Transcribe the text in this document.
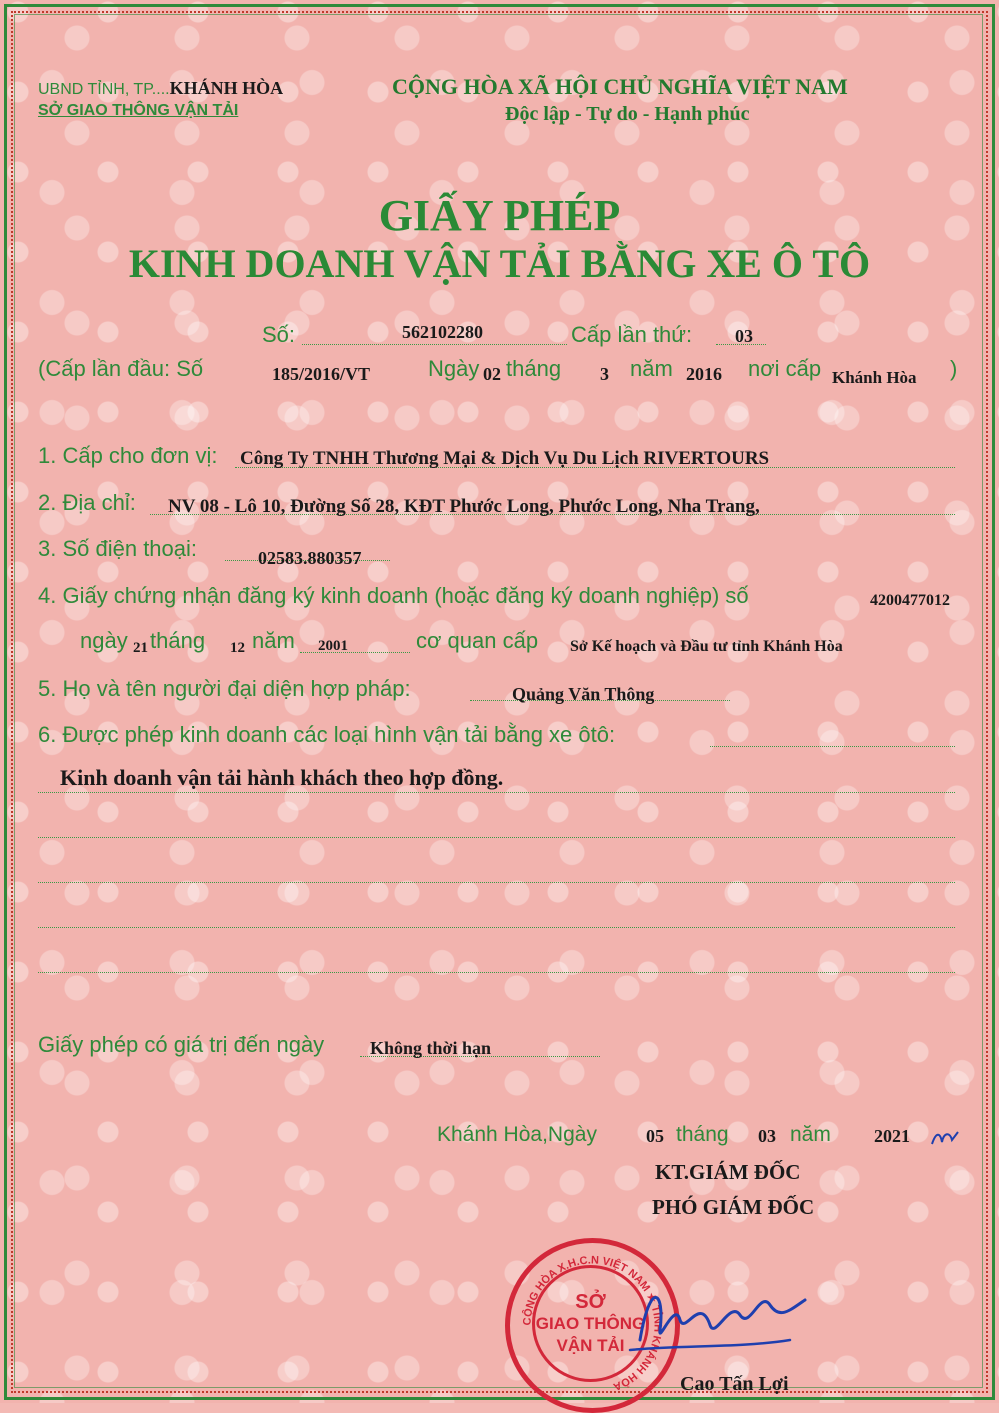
UBND TỈNH, TP....KHÁNH HÒA
SỞ GIAO THÔNG VẬN TẢI
CỘNG HÒA XÃ HỘI CHỦ NGHĨA VIỆT NAM
Độc lập - Tự do - Hạnh phúc
GIẤY PHÉP
KINH DOANH VẬN TẢI BẰNG XE Ô TÔ
Số:	562102280	Cấp lần thứ: 03
(Cấp lần đầu: Số	185/2016/VT	Ngày 02 tháng 3 năm 2016 nơi cấp Khánh Hòa )
1. Cấp cho đơn vị: Công Ty TNHH Thương Mại & Dịch Vụ Du Lịch RIVERTOURS
2. Địa chỉ: NV 08 - Lô 10, Đường Số 28, KĐT Phước Long, Phước Long, Nha Trang,
3. Số điện thoại:	02583.880357
4. Giấy chứng nhận đăng ký kinh doanh (hoặc đăng ký doanh nghiệp) số	4200477012
ngày 21 tháng 12 năm 2001	cơ quan cấp Sở Kế hoạch và Đầu tư tỉnh Khánh Hòa
5. Họ và tên người đại diện hợp pháp:	Quảng Văn Thông
6. Được phép kinh doanh các loại hình vận tải bằng xe ôtô:
Kinh doanh vận tải hành khách theo hợp đồng.
Giấy phép có giá trị đến ngày	Không thời hạn
Khánh Hòa,Ngày	05 tháng 03 năm 2021
KT.GIÁM ĐỐC
PHÓ GIÁM ĐỐC
CỘNG HÒA X.H.C.N VIỆT NAM ★ TỈNH KHÁNH HÒA
SỞ
GIAO THÔNG
VẬN TẢI
Cao Tấn Lợi
